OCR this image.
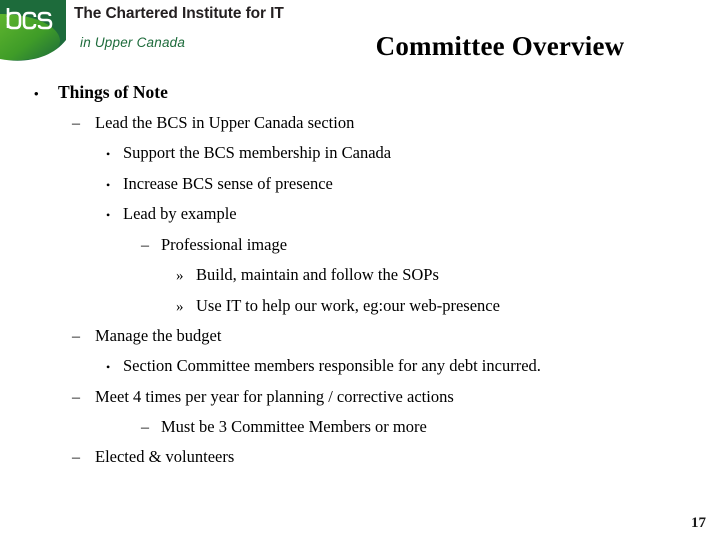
The Chartered Institute for IT
in Upper Canada	Committee Overview
•	Things of Note
– Lead the BCS in Upper Canada section
• Support the BCS membership in Canada
• Increase BCS sense of presence
• Lead by example
– Professional image
» Build, maintain and follow the SOPs
» Use IT to help our work, eg:our web-presence
– Manage the budget
• Section Committee members responsible for any debt incurred.
– Meet 4 times per year for planning / corrective actions
– Must be 3 Committee Members or more
– Elected & volunteers
17
